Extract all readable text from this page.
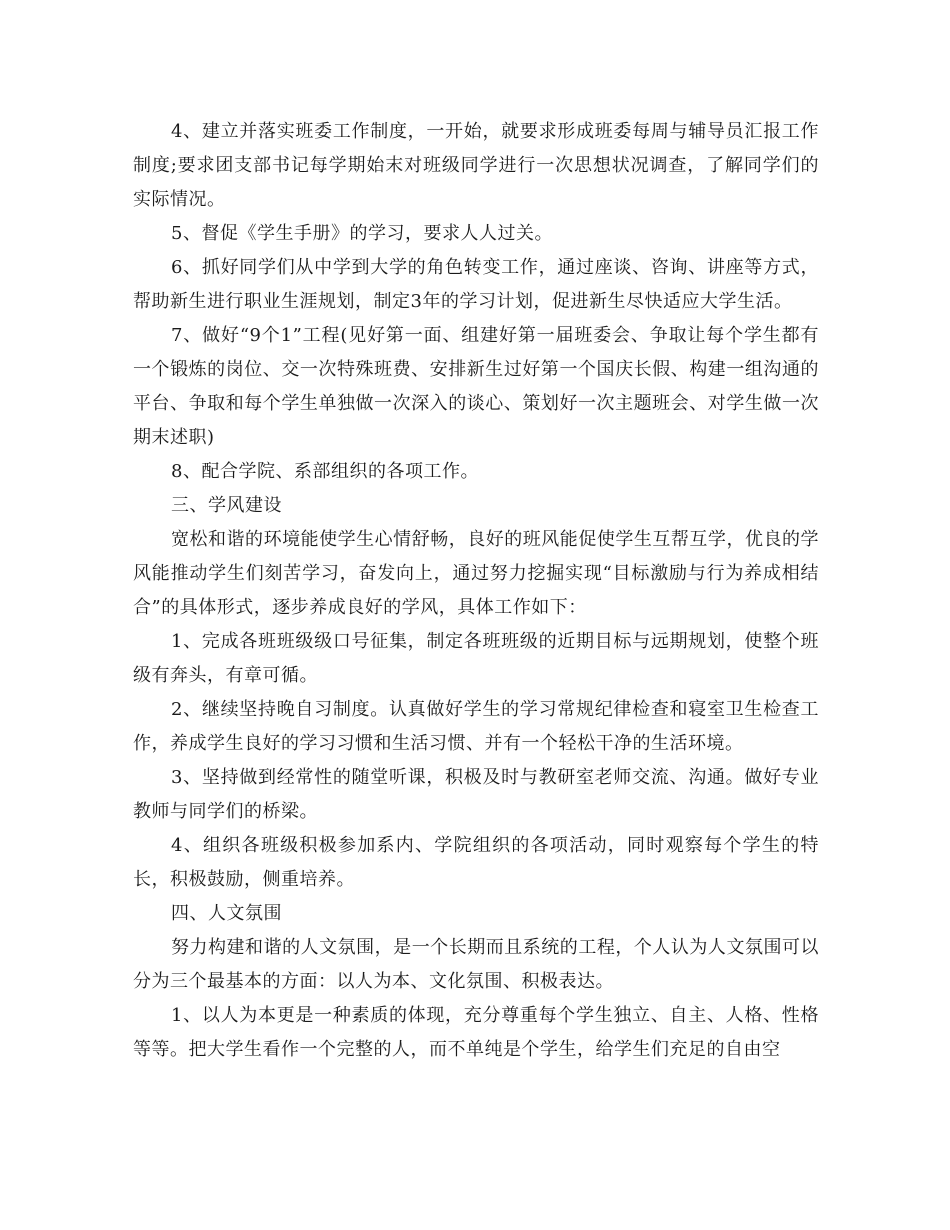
4、建立并落实班委工作制度，一开始，就要求形成班委每周与辅导员汇报工作制度;要求团支部书记每学期始末对班级同学进行一次思想状况调查，了解同学们的实际情况。

5、督促《学生手册》的学习，要求人人过关。

6、抓好同学们从中学到大学的角色转变工作，通过座谈、咨询、讲座等方式，帮助新生进行职业生涯规划，制定3年的学习计划，促进新生尽快适应大学生活。

7、做好“9个1”工程(见好第一面、组建好第一届班委会、争取让每个学生都有一个锻炼的岗位、交一次特殊班费、安排新生过好第一个国庆长假、构建一组沟通的平台、争取和每个学生单独做一次深入的谈心、策划好一次主题班会、对学生做一次期末述职)

8、配合学院、系部组织的各项工作。

三、学风建设

宽松和谐的环境能使学生心情舒畅，良好的班风能促使学生互帮互学，优良的学风能推动学生们刻苦学习，奋发向上，通过努力挖掘实现“目标激励与行为养成相结合”的具体形式，逐步养成良好的学风，具体工作如下：

1、完成各班班级级口号征集，制定各班班级的近期目标与远期规划，使整个班级有奔头，有章可循。

2、继续坚持晚自习制度。认真做好学生的学习常规纪律检查和寝室卫生检查工作，养成学生良好的学习习惯和生活习惯、并有一个轻松干净的生活环境。

3、坚持做到经常性的随堂听课，积极及时与教研室老师交流、沟通。做好专业教师与同学们的桥梁。

4、组织各班级积极参加系内、学院组织的各项活动，同时观察每个学生的特长，积极鼓励，侧重培养。

四、人文氛围

努力构建和谐的人文氛围，是一个长期而且系统的工程，个人认为人文氛围可以分为三个最基本的方面：以人为本、文化氛围、积极表达。

1、以人为本更是一种素质的体现，充分尊重每个学生独立、自主、人格、性格等等。把大学生看作一个完整的人，而不单纯是个学生，给学生们充足的自由空
